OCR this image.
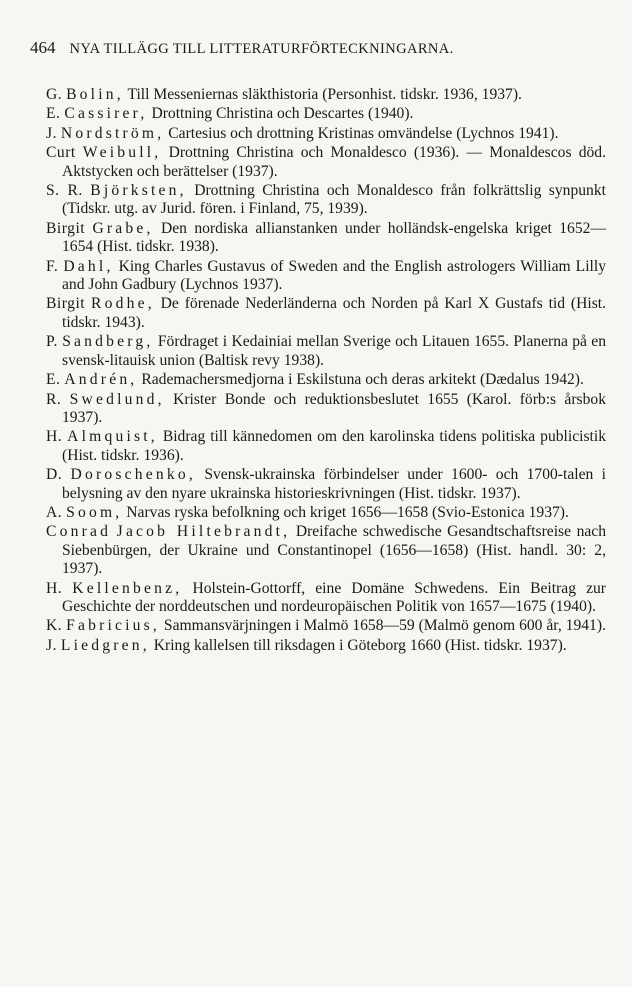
464 NYA TILLÄGG TILL LITTERATURFÖRTECKNINGARNA.

G. Bolin, Till Messeniernas släkthistoria (Personhist. tidskr. 1936, 1937).

E. Cassirer, Drottning Christina och Descartes (1940).

J. Nordström, Cartesius och drottning Kristinas omvändelse (Lychnos 1941).

Curt Weibull, Drottning Christina och Monaldesco (1936). — Monaldescos död. Aktstycken och berättelser (1937).

S. R. Björksten, Drottning Christina och Monaldesco från folkrättslig synpunkt (Tidskr. utg. av Jurid. fören. i Finland, 75, 1939).

Birgit Grabe, Den nordiska allianstanken under holländsk-engelska kriget 1652—1654 (Hist. tidskr. 1938).

F. Dahl, King Charles Gustavus of Sweden and the English astrologers William Lilly and John Gadbury (Lychnos 1937).

Birgit Rodhe, De förenade Nederländerna och Norden på Karl X Gustafs tid (Hist. tidskr. 1943).

P. Sandberg, Fördraget i Kedainiai mellan Sverige och Litauen 1655. Planerna på en svensk-litauisk union (Baltisk revy 1938).

E. Andrén, Rademachersmedjorna i Eskilstuna och deras arkitekt (Dædalus 1942).

R. Swedlund, Krister Bonde och reduktionsbeslutet 1655 (Karol. förb:s årsbok 1937).

H. Almquist, Bidrag till kännedomen om den karolinska tidens politiska publicistik (Hist. tidskr. 1936).

D. Doroschenko, Svensk-ukrainska förbindelser under 1600- och 1700-talen i belysning av den nyare ukrainska historieskrivningen (Hist. tidskr. 1937).

A. Soom, Narvas ryska befolkning och kriget 1656—1658 (Svio-Estonica 1937).

Conrad Jacob Hiltebrandt, Dreifache schwedische Gesandtschaftsreise nach Siebenbürgen, der Ukraine und Constantinopel (1656—1658) (Hist. handl. 30: 2, 1937).

H. Kellenbenz, Holstein-Gottorff, eine Domäne Schwedens. Ein Beitrag zur Geschichte der norddeutschen und nordeuropäischen Politik von 1657—1675 (1940).

K. Fabricius, Sammansvärjningen i Malmö 1658—59 (Malmö genom 600 år, 1941).

J. Liedgren, Kring kallelsen till riksdagen i Göteborg 1660 (Hist. tidskr. 1937).
